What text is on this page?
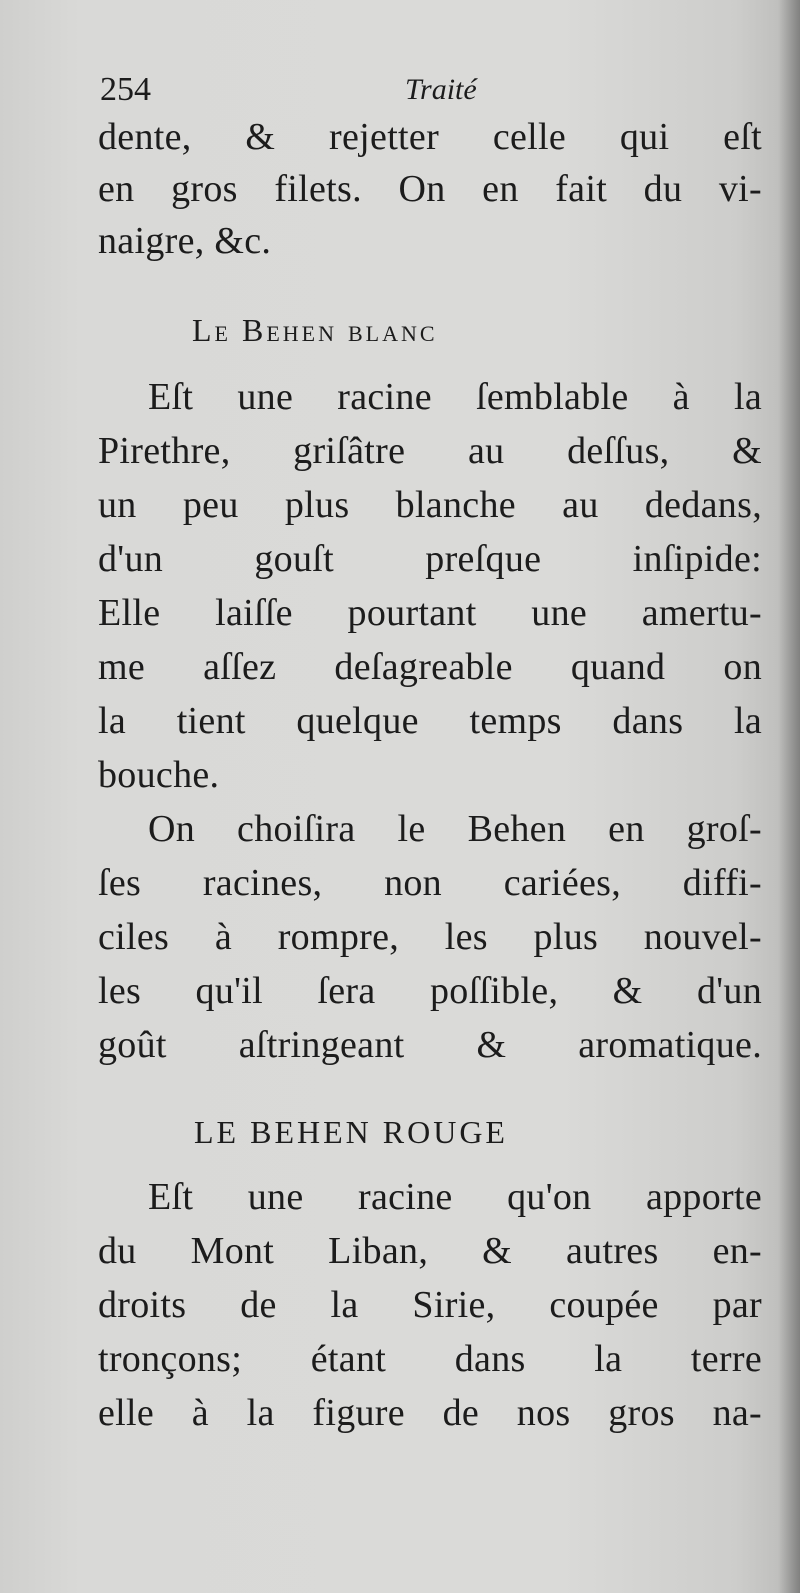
254	Traité
dente, & rejetter celle qui eſt
en gros filets. On en fait du vi-
naigre, &c.
Le Behen blanc
Eſt une racine ſemblable à la
Pirethre, griſâtre au deſſus, &
un peu plus blanche au dedans,
d'un gouſt preſque inſipide:
Elle laiſſe pourtant une amertu-
me aſſez deſagreable quand on
la tient quelque temps dans la
bouche.
On choiſira le Behen en groſ-
ſes racines, non cariées, diffi-
ciles à rompre, les plus nouvel-
les qu'il ſera poſſible, & d'un
goût aſtringeant & aromatique.
LE BEHEN ROUGE
Eſt une racine qu'on apporte
du Mont Liban, & autres en-
droits de la Sirie, coupée par
tronçons; étant dans la terre
elle à la figure de nos gros na-
